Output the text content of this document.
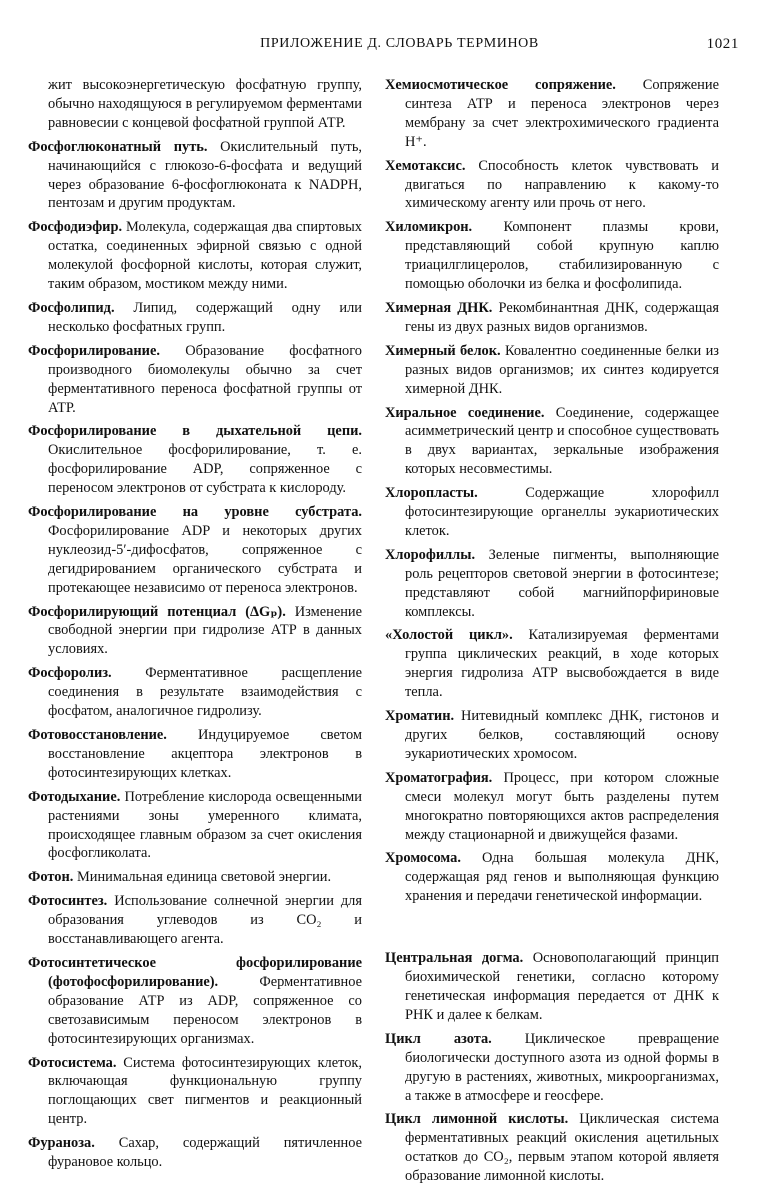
ПРИЛОЖЕНИЕ Д. СЛОВАРЬ ТЕРМИНОВ	1021

жит высокоэнергетическую фосфатную группу, обычно находящуюся в регулируемом ферментами равновесии с концевой фосфатной группой АТР.

Фосфоглюконатный путь. Окислительный путь, начинающийся с глюкозо-6-фосфата и ведущий через образование 6-фосфоглюконата к NADPH, пентозам и другим продуктам.

Фосфодиэфир. Молекула, содержащая два спиртовых остатка, соединенных эфирной связью с одной молекулой фосфорной кислоты, которая служит, таким образом, мостиком между ними.

Фосфолипид. Липид, содержащий одну или несколько фосфатных групп.

Фосфорилирование. Образование фосфатного производного биомолекулы обычно за счет ферментативного переноса фосфатной группы от АТР.

Фосфорилирование в дыхательной цепи. Окислительное фосфорилирование, т. е. фосфорилирование ADP, сопряженное с переносом электронов от субстрата к кислороду.

Фосфорилирование на уровне субстрата. Фосфорилирование ADP и некоторых других нуклеозид-5′-дифосфатов, сопряженное с дегидрированием органического субстрата и протекающее независимо от переноса электронов.

Фосфорилирующий потенциал (ΔGₚ). Изменение свободной энергии при гидролизе АТР в данных условиях.

Фосфоролиз. Ферментативное расщепление соединения в результате взаимодействия с фосфатом, аналогичное гидролизу.

Фотовосстановление. Индуцируемое светом восстановление акцептора электронов в фотосинтезирующих клетках.

Фотодыхание. Потребление кислорода освещенными растениями зоны умеренного климата, происходящее главным образом за счет окисления фосфогликолата.

Фотон. Минимальная единица световой энергии.

Фотосинтез. Использование солнечной энергии для образования углеводов из CO₂ и восстанавливающего агента.

Фотосинтетическое фосфорилирование (фотофосфорилирование).	Ферментативное образование АТР из ADP, сопряженное со светозависимым переносом электронов в фотосинтезирующих организмах.

Фотосистема. Система фотосинтезирующих клеток, включающая функциональную группу поглощающих свет пигментов и реакционный центр.

Фураноза. Сахар, содержащий пятичленное фурановое кольцо.

Хемиосмотическое сопряжение. Сопряжение синтеза АТР и переноса электронов через мембрану за счет электрохимического градиента H⁺.

Хемотаксис. Способность клеток чувствовать и двигаться по направлению к какому-то химическому агенту или прочь от него.

Хиломикрон. Компонент плазмы крови, представляющий собой крупную каплю триацилглицеролов, стабилизированную с помощью оболочки из белка и фосфолипида.

Химерная ДНК. Рекомбинантная ДНК, содержащая гены из двух разных видов организмов.

Химерный белок. Ковалентно соединенные белки из разных видов организмов; их синтез кодируется химерной ДНК.

Хиральное соединение. Соединение, содержащее асимметрический центр и способное существовать в двух вариантах, зеркальные изображения которых несовместимы.

Хлоропласты.	Содержащие хлорофилл фотосинтезирующие органеллы эукариотических клеток.

Хлорофиллы. Зеленые пигменты, выполняющие роль рецепторов световой энергии в фотосинтезе; представляют собой магнийпорфириновые комплексы.

«Холостой цикл». Катализируемая ферментами группа циклических реакций, в ходе которых энергия гидролиза АТР высвобождается в виде тепла.

Хроматин. Нитевидный комплекс ДНК, гистонов и других белков, составляющий основу эукариотических хромосом.

Хроматография. Процесс, при котором сложные смеси молекул могут быть разделены путем многократно повторяющихся актов распределения между стационарной и движущейся фазами.

Хромосома. Одна большая молекула ДНК, содержащая ряд генов и выполняющая функцию хранения и передачи генетической информации.

Центральная догма. Основополагающий принцип биохимической генетики, согласно которому генетическая информация передается от ДНК к РНК и далее к белкам.

Цикл азота. Циклическое превращение биологически доступного азота из одной формы в другую в растениях, животных, микроорганизмах, а также в атмосфере и геосфере.

Цикл лимонной кислоты. Циклическая система ферментативных реакций окисления ацетильных остатков до CO₂, первым этапом которой являетя образование лимонной кислоты.
